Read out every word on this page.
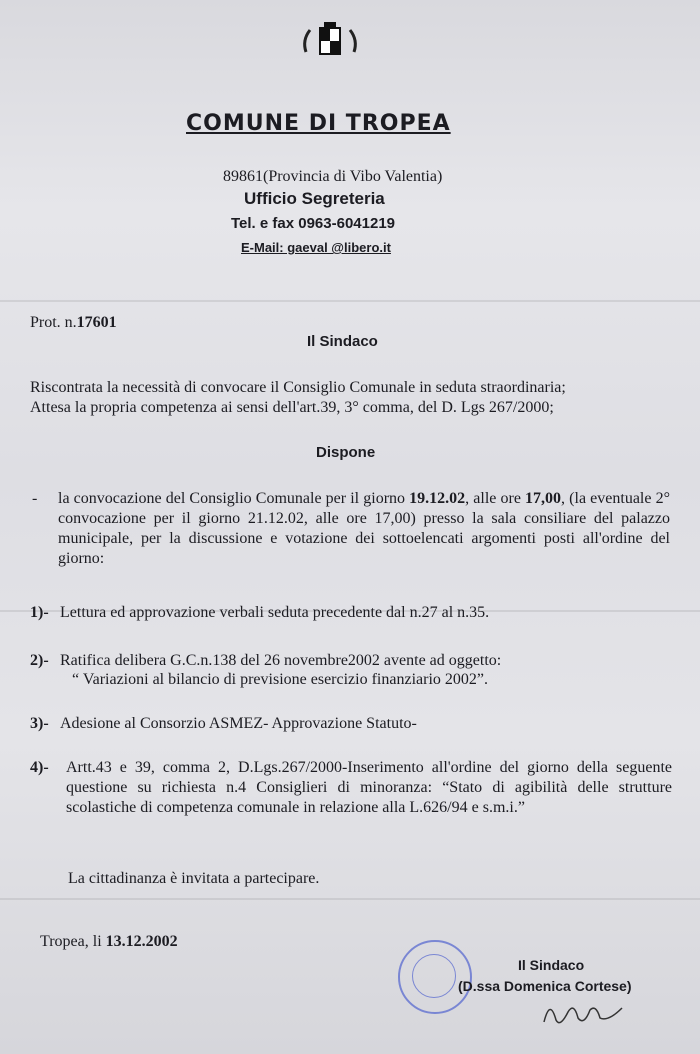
COMUNE DI TROPEA
89861(Provincia di Vibo Valentia)
Ufficio Segreteria
Tel. e fax 0963-6041219
E-Mail: gaeval @libero.it
Prot. n.17601
Il Sindaco
Riscontrata la necessità di convocare il Consiglio Comunale in seduta straordinaria;
Attesa la propria competenza ai sensi dell'art.39, 3° comma, del D. Lgs 267/2000;
Dispone
- la convocazione del Consiglio Comunale per il giorno 19.12.02, alle ore 17,00, (la eventuale 2° convocazione per il giorno 21.12.02, alle ore 17,00) presso la sala consiliare del palazzo municipale, per la discussione e votazione dei sottoelencati argomenti posti all'ordine del giorno:
1)- Lettura ed approvazione verbali seduta precedente dal n.27 al n.35.
2)- Ratifica delibera G.C.n.138 del 26 novembre2002 avente ad oggetto:
“ Variazioni al bilancio di previsione esercizio finanziario 2002”.
3)- Adesione al Consorzio ASMEZ- Approvazione Statuto-
4)- Artt.43 e 39, comma 2, D.Lgs.267/2000-Inserimento all'ordine del giorno della seguente questione su richiesta n.4 Consiglieri di minoranza: “Stato di agibilità delle strutture scolastiche di competenza comunale in relazione alla L.626/94 e s.m.i.”
La cittadinanza è invitata a partecipare.
Tropea, li 13.12.2002
Il Sindaco
(D.ssa Domenica Cortese)
